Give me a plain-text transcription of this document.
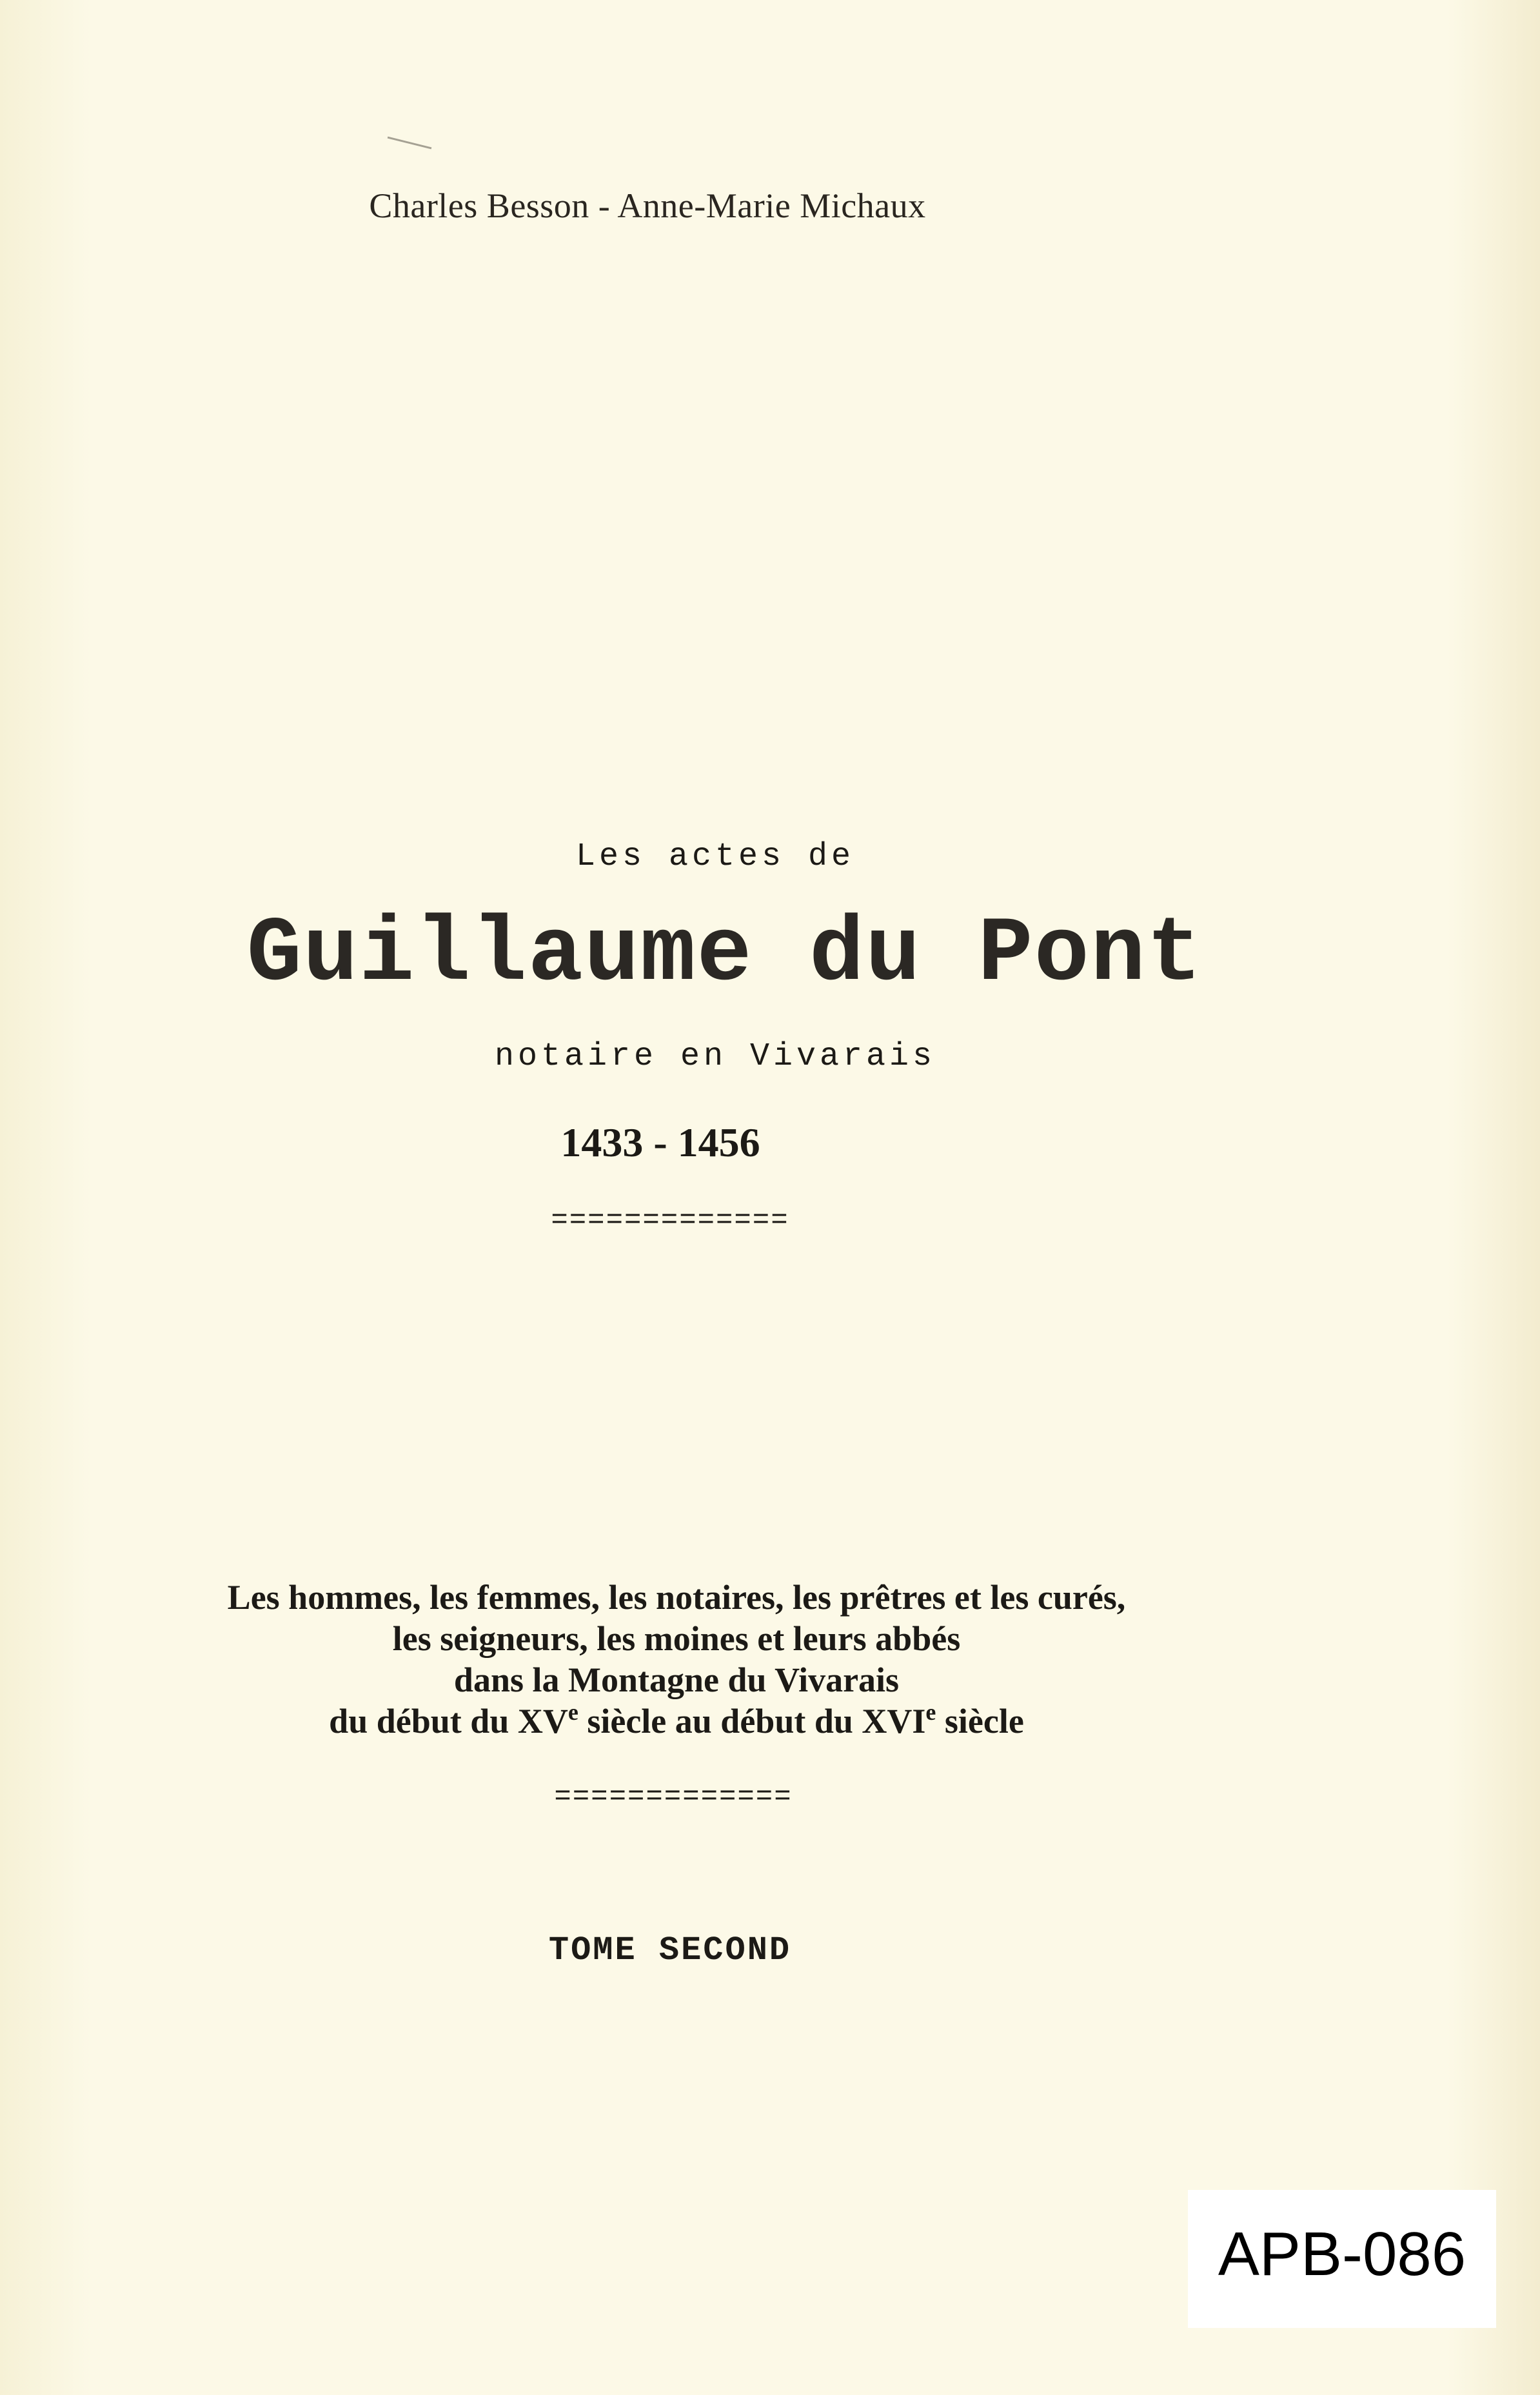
Charles Besson - Anne-Marie Michaux
Les actes de
Guillaume du Pont
notaire en Vivarais
1433 - 1456
=============
Les hommes, les femmes, les notaires, les prêtres et les curés,
les seigneurs, les moines et leurs abbés
dans la Montagne du Vivarais
du début du XVe siècle au début du XVIe siècle
=============
TOME SECOND
APB-086
